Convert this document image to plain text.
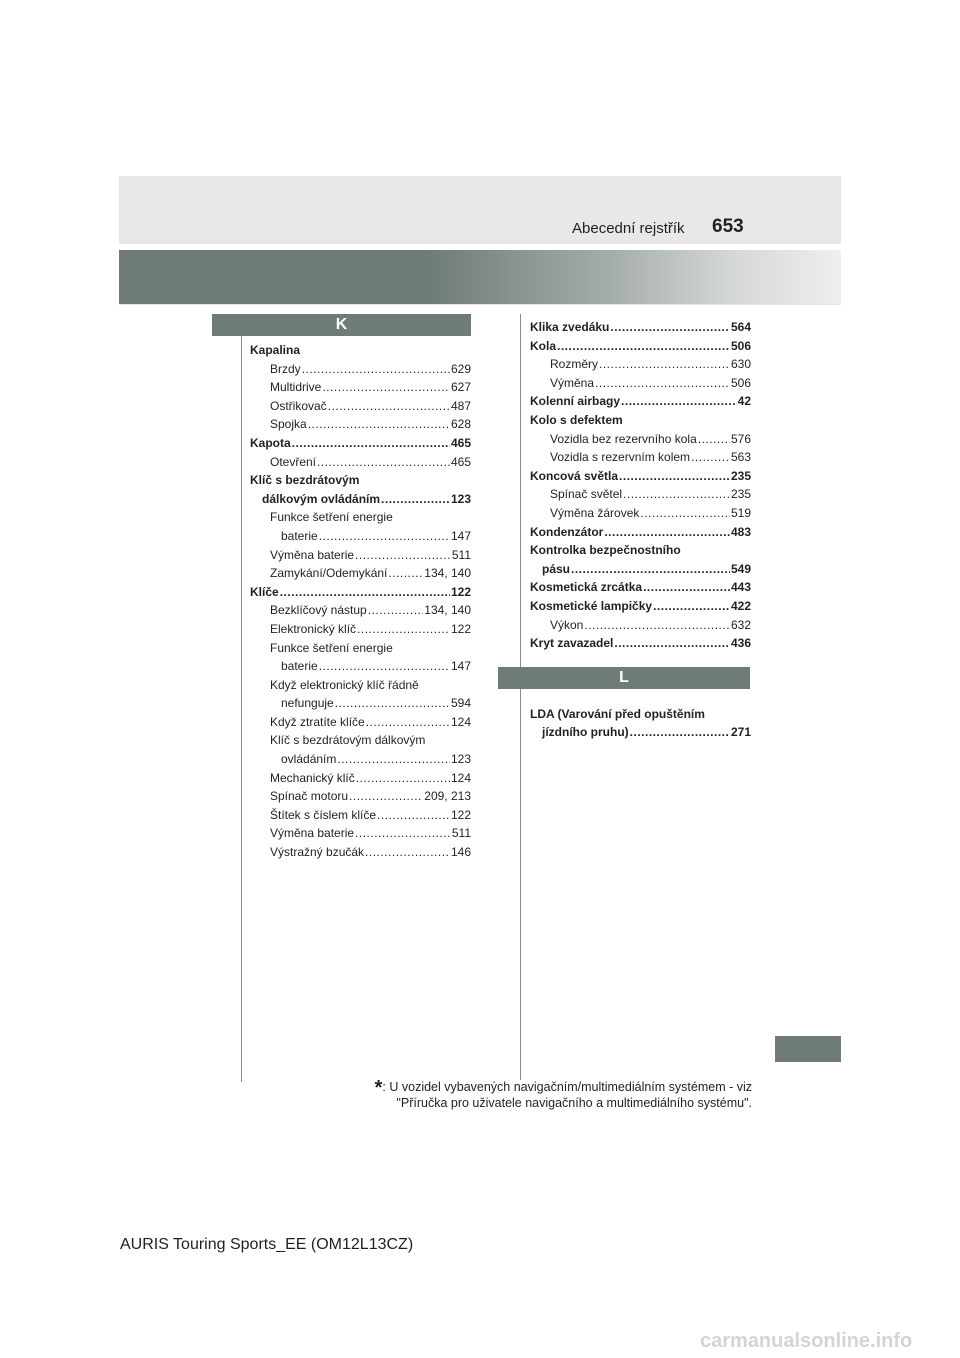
Abecední rejstřík 653
K
Kapalina
Brzdy .....	629
Multidrive .....	627
Ostřikovač .....	487
Spojka .....	628
Kapota .....	465
Otevření .....	465
Klíč s bezdrátovým
dálkovým ovládáním .....	123
Funkce šetření energie
baterie .....	147
Výměna baterie .....	511
Zamykání/Odemykání .....	134, 140
Klíče .....	122
Bezklíčový nástup .....	134, 140
Elektronický klíč .....	122
Funkce šetření energie
baterie .....	147
Když elektronický klíč řádně
nefunguje .....	594
Když ztratíte klíče .....	124
Klíč s bezdrátovým dálkovým
ovládáním .....	123
Mechanický klíč .....	124
Spínač motoru .....	209, 213
Štítek s číslem klíče .....	122
Výměna baterie .....	511
Výstražný bzučák .....	146
Klika zvedáku .....	564
Kola .....	506
Rozměry .....	630
Výměna .....	506
Kolenní airbagy .....	42
Kolo s defektem
Vozidla bez rezervního kola .....	576
Vozidla s rezervním kolem .....	563
Koncová světla .....	235
Spínač světel .....	235
Výměna žárovek .....	519
Kondenzátor .....	483
Kontrolka bezpečnostního
pásu .....	549
Kosmetická zrcátka .....	443
Kosmetické lampičky .....	422
Výkon .....	632
Kryt zavazadel .....	436
L
LDA (Varování před opuštěním
jízdního pruhu) .....	271
*: U vozidel vybavených navigačním/multimediálním systémem - viz
"Příručka pro uživatele navigačního a multimediálního systému".
AURIS Touring Sports_EE (OM12L13CZ)
carmanualsonline.info
